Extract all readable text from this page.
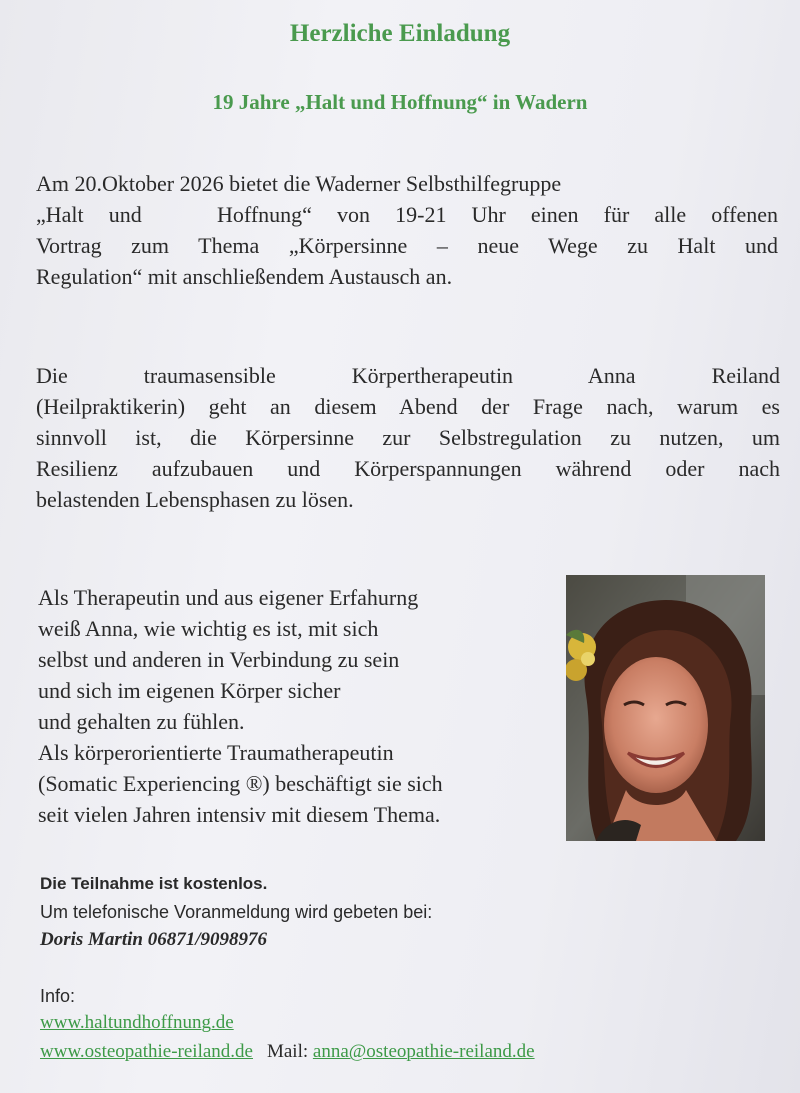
Herzliche Einladung
19 Jahre „Halt und Hoffnung“ in Wadern
Am 20.Oktober 2026 bietet die Waderner Selbsthilfegruppe
„Halt und   Hoffnung“ von 19-21 Uhr einen für alle offenen
Vortrag zum Thema „Körpersinne – neue Wege zu Halt und
Regulation“ mit anschließendem Austausch an.
Die traumasensible Körpertherapeutin Anna Reiland
(Heilpraktikerin) geht an diesem Abend der Frage nach, warum es
sinnvoll ist, die Körpersinne zur Selbstregulation zu nutzen, um
Resilienz aufzubauen und Körperspannungen während oder nach
belastenden Lebensphasen zu lösen.
Als Therapeutin und aus eigener Erfahurng
weiß Anna, wie wichtig es ist, mit sich
selbst und anderen in Verbindung zu sein
und sich im eigenen Körper sicher
und gehalten zu fühlen.
Als körperorientierte Traumatherapeutin
(Somatic Experiencing ®) beschäftigt sie sich
seit vielen Jahren intensiv mit diesem Thema.
Die Teilnahme ist kostenlos.
Um telefonische Voranmeldung wird gebeten bei:
Doris Martin 06871/9098976
Info:
www.haltundhoffnung.de
www.osteopathie-reiland.de Mail: anna@osteopathie-reiland.de
